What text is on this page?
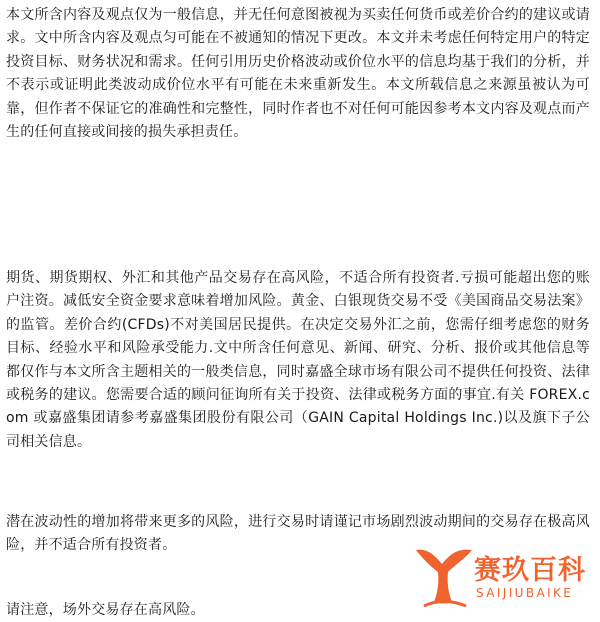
本文所含内容及观点仅为一般信息，并无任何意图被视为买卖任何货币或差价合约的建议或请求。文中所含内容及观点匀可能在不被通知的情况下更改。本文并未考虑任何特定用户的特定投资目标、财务状况和需求。任何引用历史价格波动或价位水平的信息均基于我们的分析，并不表示或证明此类波动成价位水平有可能在未来重新发生。本文所载信息之来源虽被认为可靠，但作者不保证它的准确性和完整性，同时作者也不对任何可能因参考本文内容及观点而产生的任何直接或间接的损失承担责任。

期货、期货期权、外汇和其他产品交易存在高风险，不适合所有投资者.亏损可能超出您的账户注资。减低安全资金要求意味着增加风险。黄金、白银现货交易不受《美国商品交易法案》的监管。差价合约(CFDs)不对美国居民提供。在决定交易外汇之前，您需仔细考虑您的财务目标、经验水平和风险承受能力.文中所含任何意见、新闻、研究、分析、报价或其他信息等都仅作与本文所含主题相关的一般类信息，同时嘉盛全球市场有限公司不提供任何投资、法律或税务的建议。您需要合适的顾问征询所有关于投资、法律或税务方面的事宜.有关 FOREX.com 或嘉盛集团请参考嘉盛集团股份有限公司（GAIN Capital Holdings Inc.)以及旗下子公司相关信息。

潜在波动性的增加将带来更多的风险，进行交易时请谨记市场剧烈波动期间的交易存在极高风险，并不适合所有投资者。

请注意，场外交易存在高风险。

赛玖百科
SAIJIUBAIKE
